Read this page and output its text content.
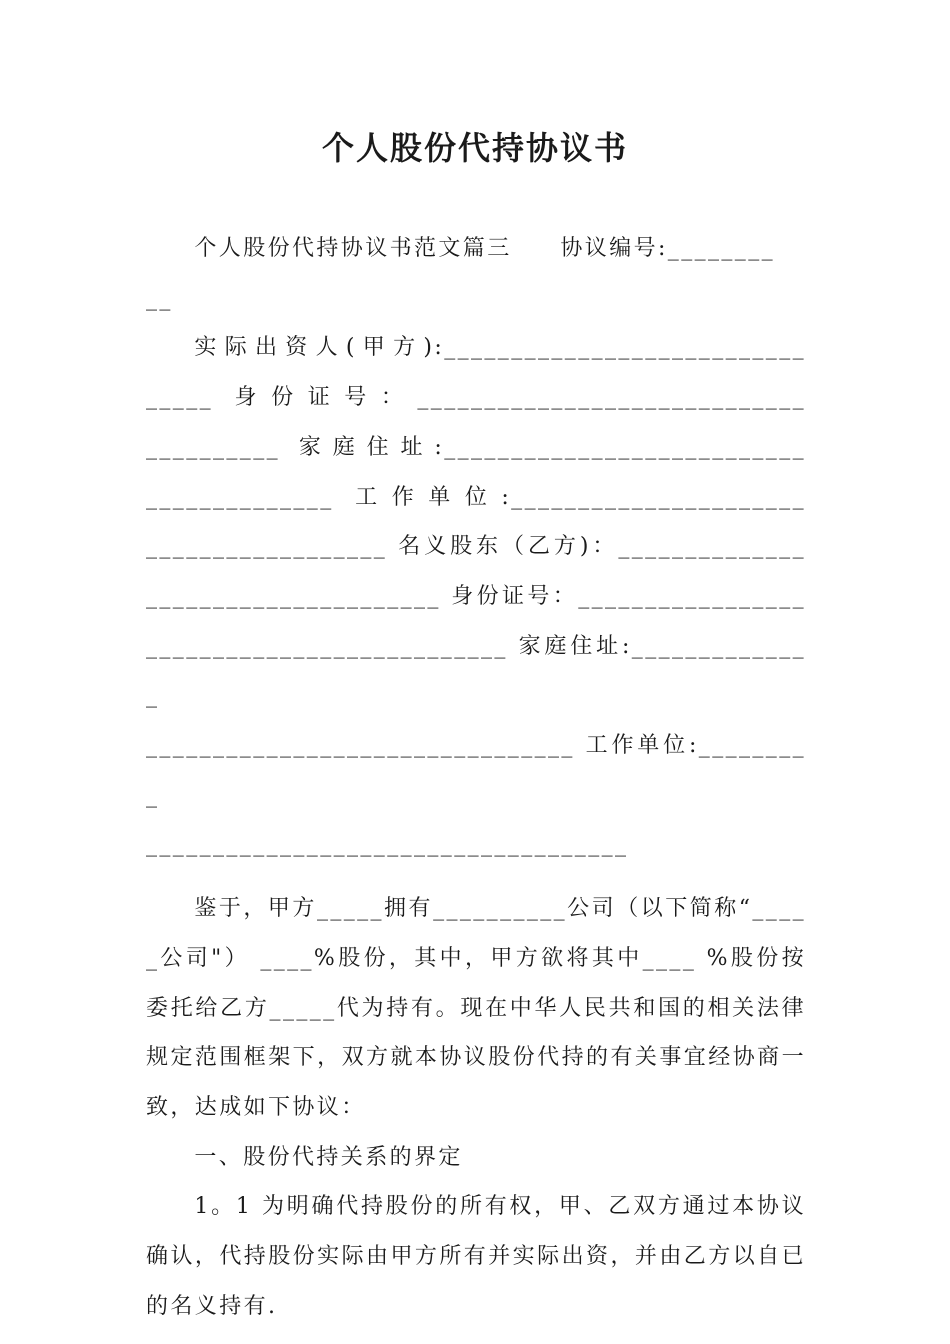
个人股份代持协议书

个人股份代持协议书范文篇三　　协议编号:________

__

实际出资人(甲方):___________________________

_____ 身份证号：_____________________________

__________ 家庭住址:___________________________

______________ 工作单位:______________________

__________________ 名义股东（乙方)：______________

______________________ 身份证号：_________________

___________________________ 家庭住址:______________

________________________________ 工作单位:_________

____________________________________

鉴于，甲方_____拥有__________公司（以下简称“_____公司"） ____%股份，其中，甲方欲将其中____ %股份按委托给乙方_____代为持有。现在中华人民共和国的相关法律规定范围框架下，双方就本协议股份代持的有关事宜经协商一致，达成如下协议：

一、股份代持关系的界定

1。1 为明确代持股份的所有权，甲、乙双方通过本协议确认，代持股份实际由甲方所有并实际出资，并由乙方以自已的名义持有.
